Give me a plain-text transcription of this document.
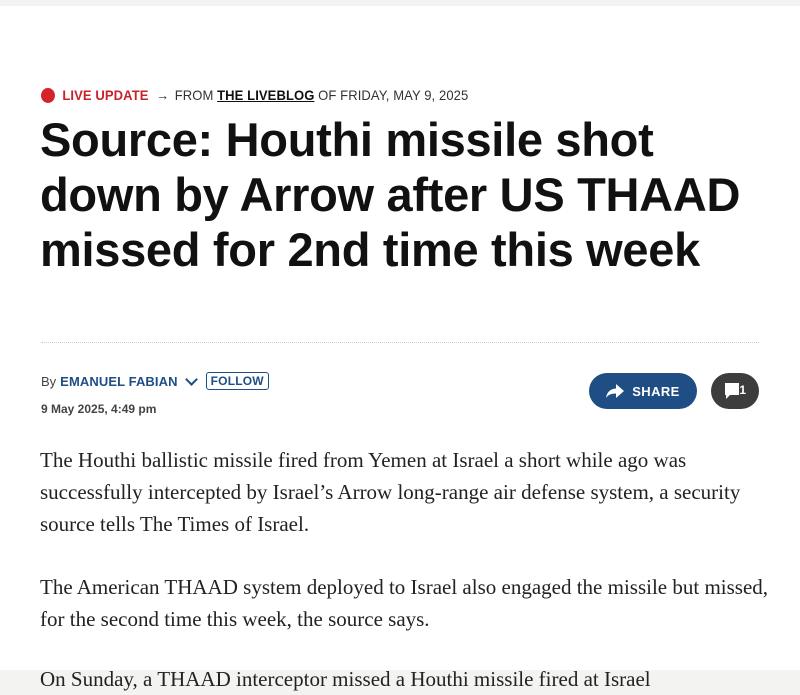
LIVE UPDATE → FROM THE LIVEBLOG OF FRIDAY, MAY 9, 2025
Source: Houthi missile shot down by Arrow after US THAAD missed for 2nd time this week
By EMANUEL FABIAN	FOLLOW
9 May 2025, 4:49 pm
SHARE	1

The Houthi ballistic missile fired from Yemen at Israel a short while ago was successfully intercepted by Israel’s Arrow long-range air defense system, a security source tells The Times of Israel.

The American THAAD system deployed to Israel also engaged the missile but missed, for the second time this week, the source says.

On Sunday, a THAAD interceptor missed a Houthi missile fired at Israel
